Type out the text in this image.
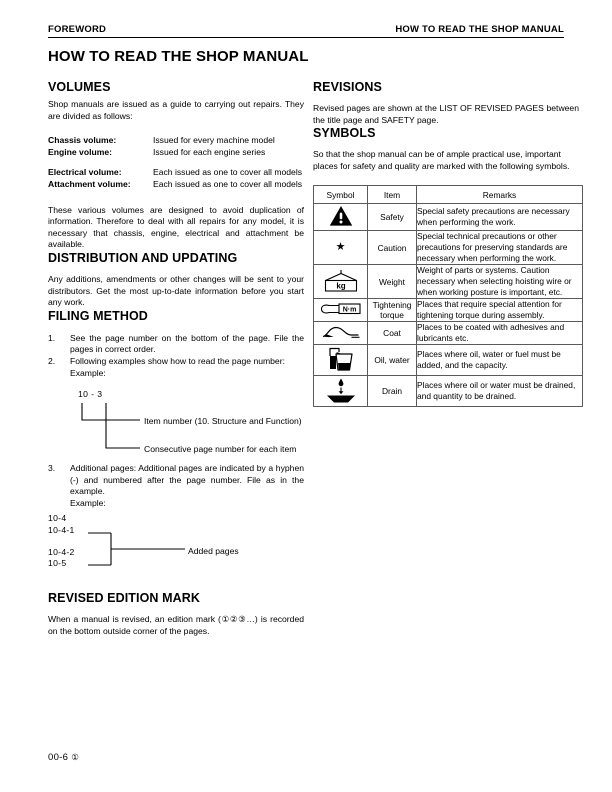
FOREWORD	HOW TO READ THE SHOP MANUAL
HOW TO READ THE SHOP MANUAL
VOLUMES

Shop manuals are issued as a guide to carrying out repairs. They are divided as follows:

Chassis volume:	Issued for every machine model
Engine volume:	Issued for each engine series
Electrical volume:	Each issued as one to cover all models
Attachment volume:	Each issued as one to cover all models

These various volumes are designed to avoid duplication of information. Therefore to deal with all repairs for any model, it is necessary that chassis, engine, electrical and attachment be available.

DISTRIBUTION AND UPDATING

Any additions, amendments or other changes will be sent to your distributors. Get the most up-to-date information before you start any work.

FILING METHOD
1.	See the page number on the bottom of the page. File the pages in correct order.
2.	Following examples show how to read the page number:
Example:
10 - 3
Item number (10. Structure and Function)
Consecutive page number for each item
3.	Additional pages: Additional pages are indicated by a hyphen (-) and numbered after the page number. File as in the example.
Example:
10-4
10-4-1
10-4-2
10-5
Added pages
REVISED EDITION MARK

When a manual is revised, an edition mark (①②③…) is recorded on the bottom outside corner of the pages.

REVISIONS

Revised pages are shown at the LIST OF REVISED PAGES between the title page and SAFETY page.

SYMBOLS

So that the shop manual can be of ample practical use, important places for safety and quality are marked with the following symbols.

Symbol	Item	Remarks
	Safety	Special safety precautions are necessary when performing the work.
★	Caution	Special technical precautions or other precautions for preserving standards are necessary when performing the work.

kg	Weight	Weight of parts or systems. Caution necessary when selecting hoisting wire or when working posture is important, etc.

N·m	Tightening torque	Places that require special attention for tightening torque during assembly.
	Coat	Places to be coated with adhesives and lubricants etc.
	Oil, water	Places where oil, water or fuel must be added, and the capacity.
	Drain	Places where oil or water must be drained, and quantity to be drained.
00-6 ①
